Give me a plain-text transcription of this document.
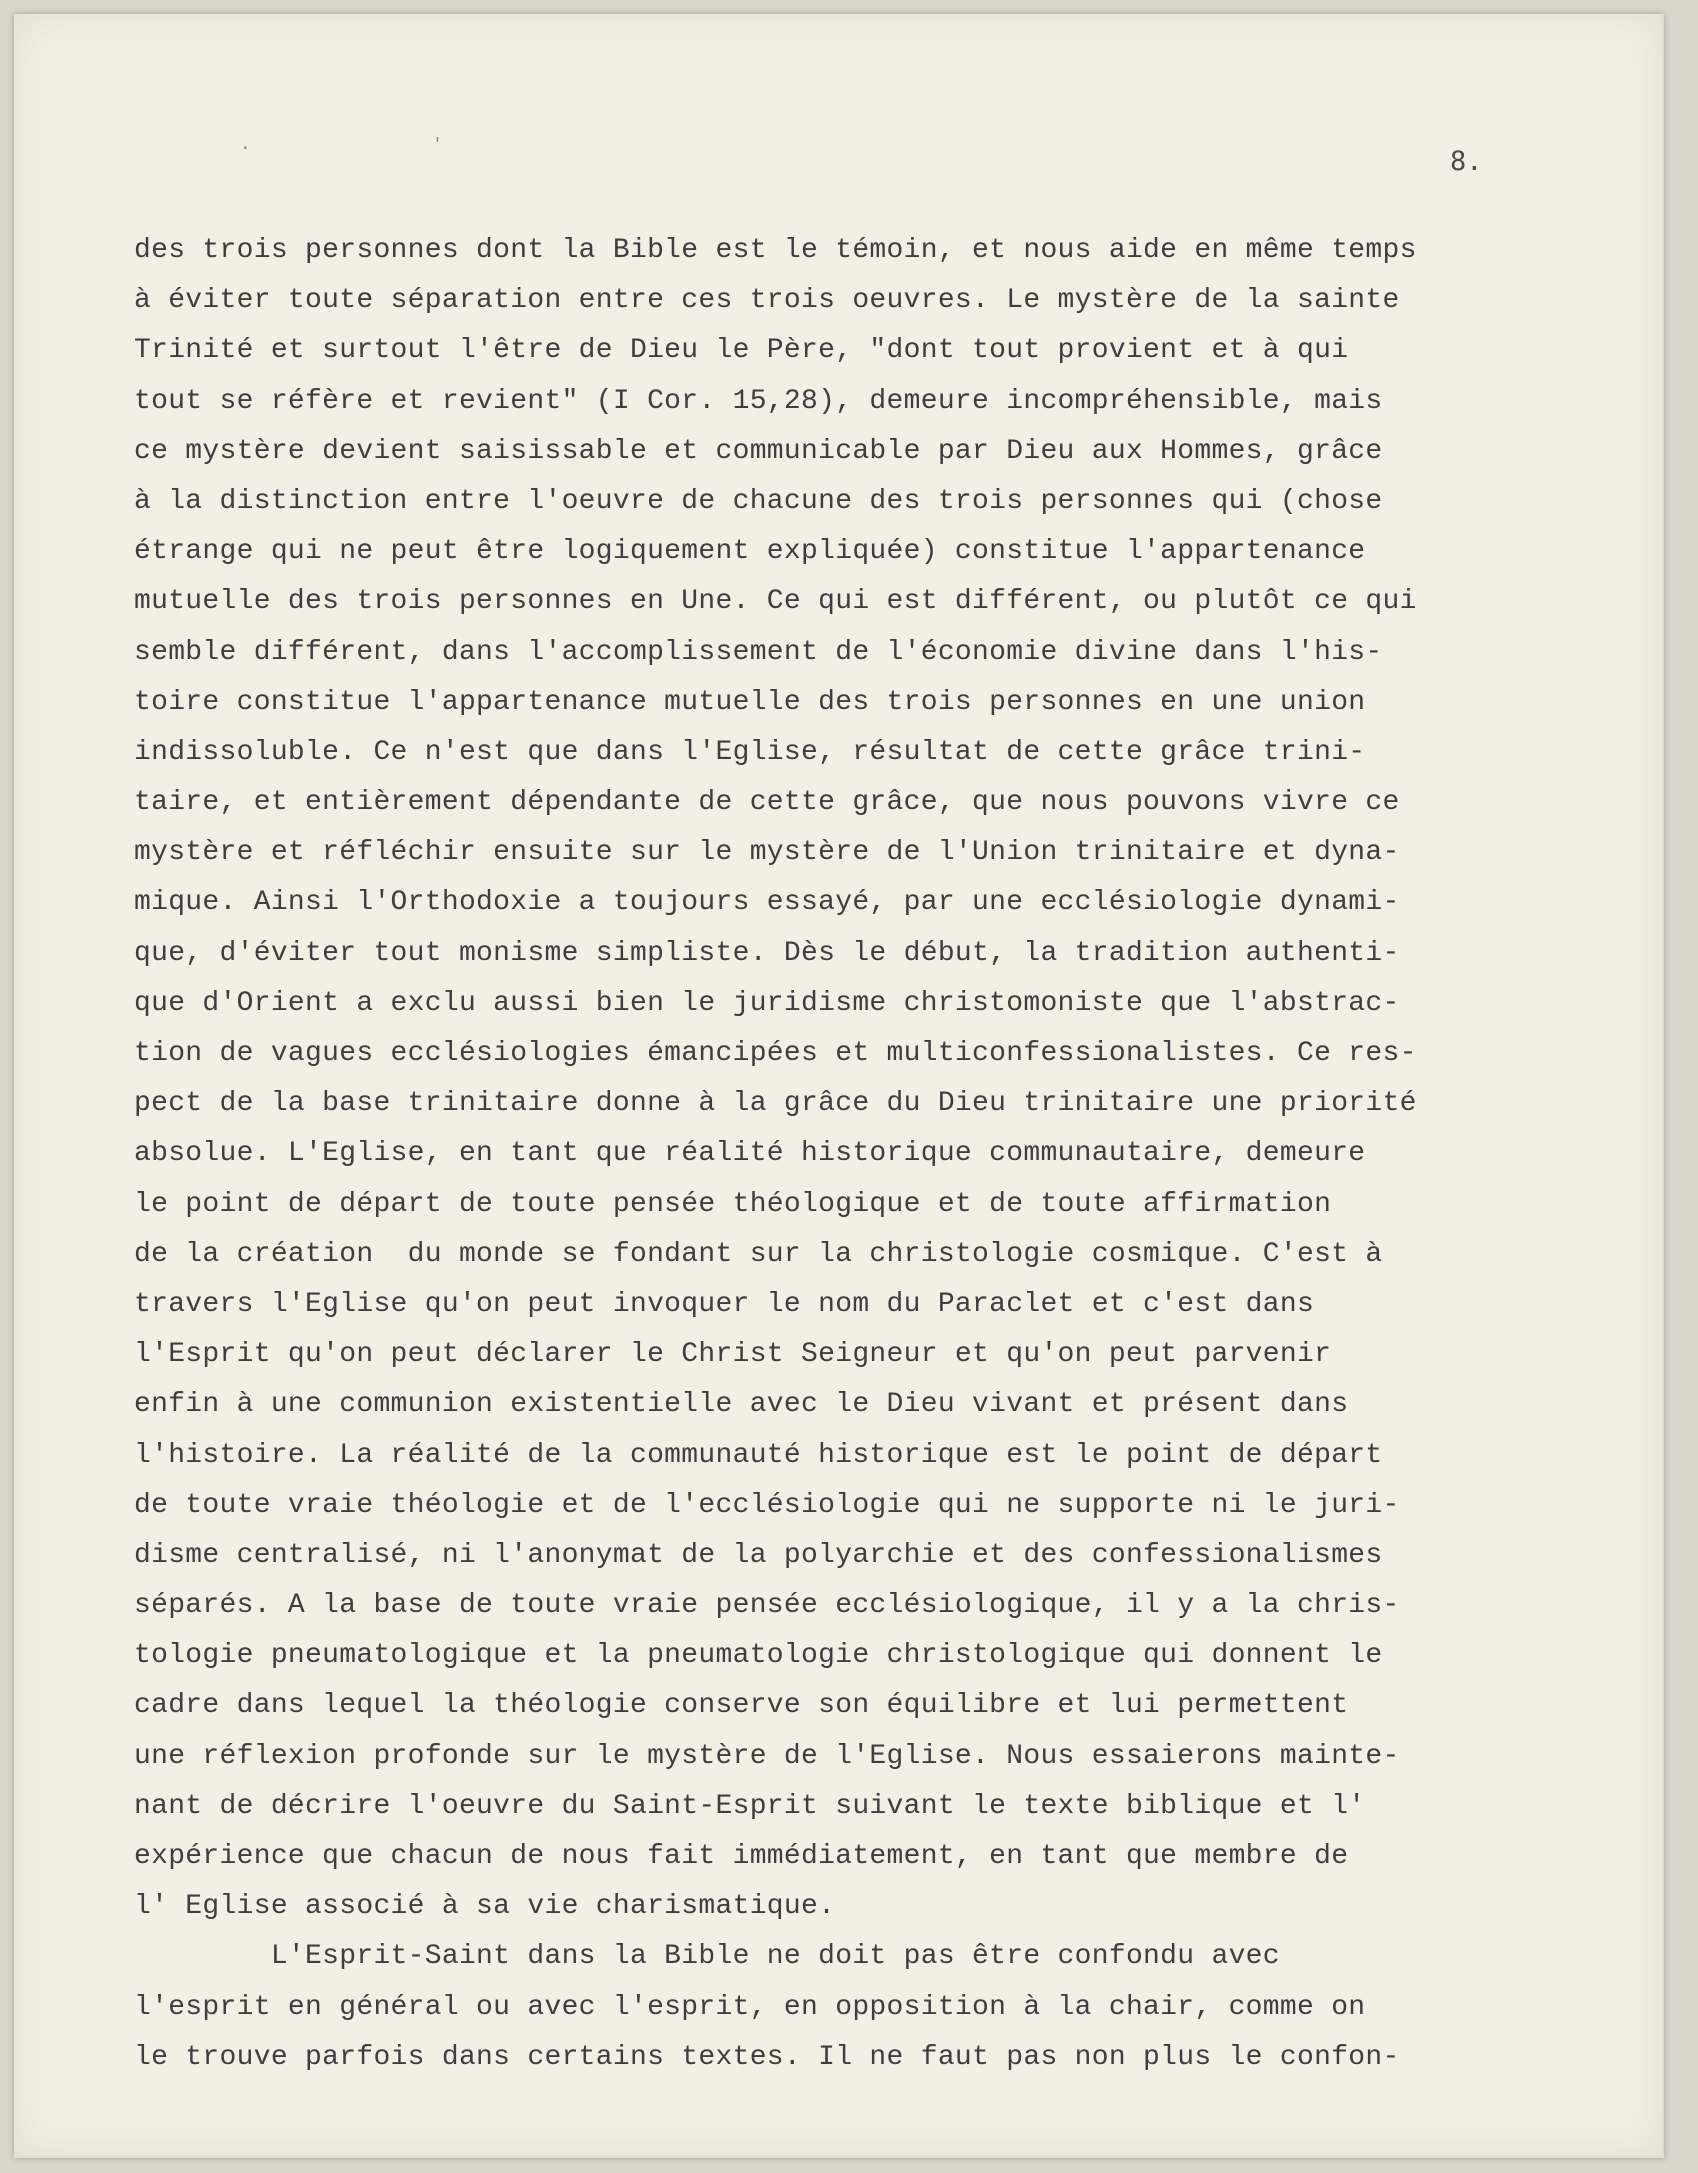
·	'
8.
des trois personnes dont la Bible est le témoin, et nous aide en même temps
à éviter toute séparation entre ces trois oeuvres. Le mystère de la sainte
Trinité et surtout l'être de Dieu le Père, "dont tout provient et à qui
tout se réfère et revient" (I Cor. 15,28), demeure incompréhensible, mais
ce mystère devient saisissable et communicable par Dieu aux Hommes, grâce
à la distinction entre l'oeuvre de chacune des trois personnes qui (chose
étrange qui ne peut être logiquement expliquée) constitue l'appartenance
mutuelle des trois personnes en Une. Ce qui est différent, ou plutôt ce qui
semble différent, dans l'accomplissement de l'économie divine dans l'his-
toire constitue l'appartenance mutuelle des trois personnes en une union
indissoluble. Ce n'est que dans l'Eglise, résultat de cette grâce trini-
taire, et entièrement dépendante de cette grâce, que nous pouvons vivre ce
mystère et réfléchir ensuite sur le mystère de l'Union trinitaire et dyna-
mique. Ainsi l'Orthodoxie a toujours essayé, par une ecclésiologie dynami-
que, d'éviter tout monisme simpliste. Dès le début, la tradition authenti-
que d'Orient a exclu aussi bien le juridisme christomoniste que l'abstrac-
tion de vagues ecclésiologies émancipées et multiconfessionalistes. Ce res-
pect de la base trinitaire donne à la grâce du Dieu trinitaire une priorité
absolue. L'Eglise, en tant que réalité historique communautaire, demeure
le point de départ de toute pensée théologique et de toute affirmation
de la création  du monde se fondant sur la christologie cosmique. C'est à
travers l'Eglise qu'on peut invoquer le nom du Paraclet et c'est dans
l'Esprit qu'on peut déclarer le Christ Seigneur et qu'on peut parvenir
enfin à une communion existentielle avec le Dieu vivant et présent dans
l'histoire. La réalité de la communauté historique est le point de départ
de toute vraie théologie et de l'ecclésiologie qui ne supporte ni le juri-
disme centralisé, ni l'anonymat de la polyarchie et des confessionalismes
séparés. A la base de toute vraie pensée ecclésiologique, il y a la chris-
tologie pneumatologique et la pneumatologie christologique qui donnent le
cadre dans lequel la théologie conserve son équilibre et lui permettent
une réflexion profonde sur le mystère de l'Eglise. Nous essaierons mainte-
nant de décrire l'oeuvre du Saint-Esprit suivant le texte biblique et l'
expérience que chacun de nous fait immédiatement, en tant que membre de
l' Eglise associé à sa vie charismatique.
L'Esprit-Saint dans la Bible ne doit pas être confondu avec
l'esprit en général ou avec l'esprit, en opposition à la chair, comme on
le trouve parfois dans certains textes. Il ne faut pas non plus le confon-
